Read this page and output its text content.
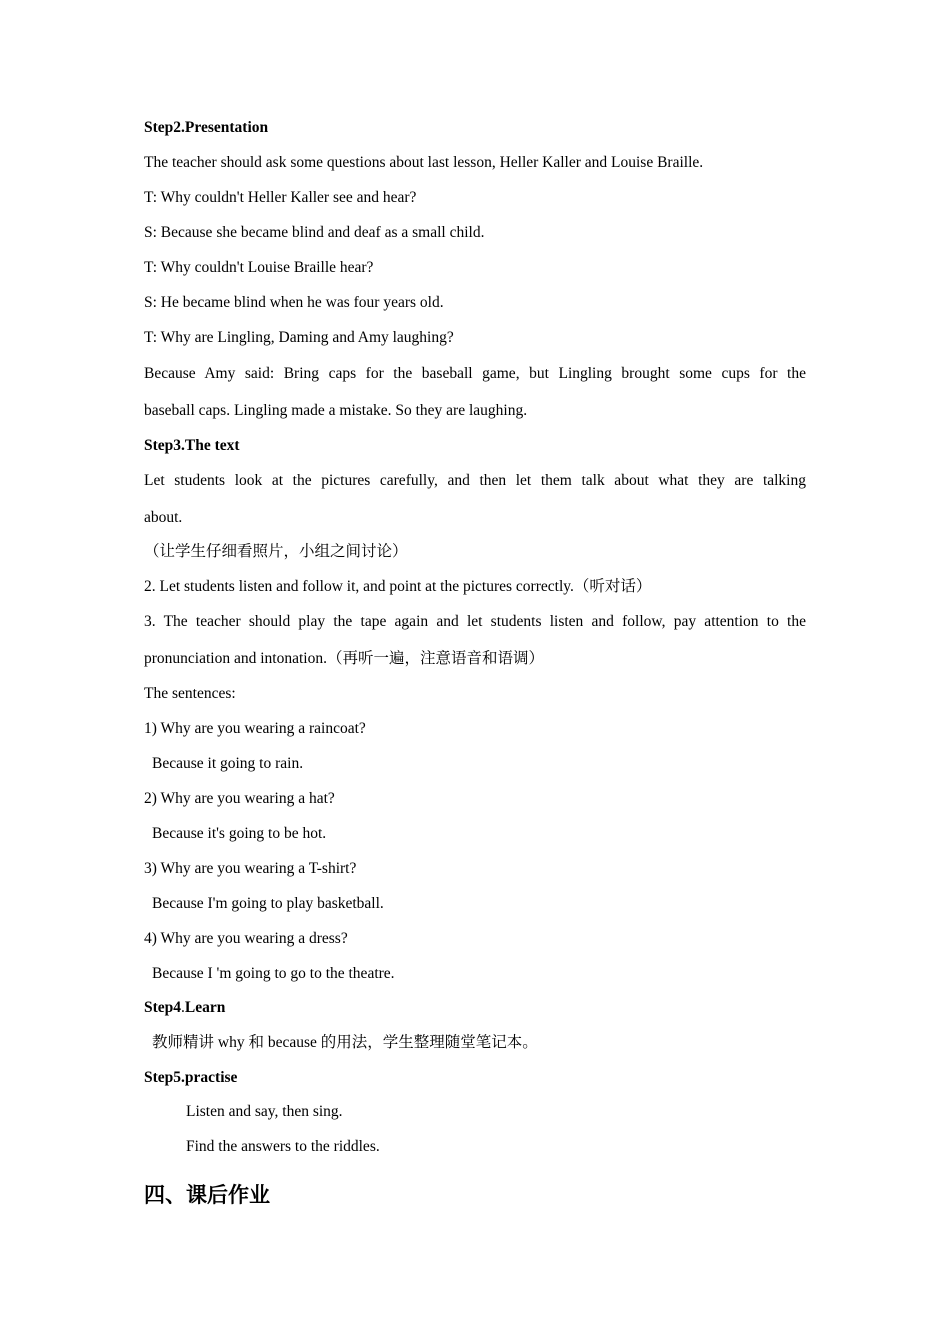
Step2.Presentation
The teacher should ask some questions about last lesson, Heller Kaller and Louise Braille.
T: Why couldn't Heller Kaller see and hear?
S: Because she became blind and deaf as a small child.
T: Why couldn't Louise Braille hear?
S: He became blind when he was four years old.
T: Why are Lingling, Daming and Amy laughing?
Because Amy said: Bring caps for the baseball game, but Lingling brought some cups for the
baseball caps. Lingling made a mistake. So they are laughing.
Step3.The text
Let students look at the pictures carefully, and then let them talk about what they are talking
about.
（让学生仔细看照片，小组之间讨论）
2. Let students listen and follow it, and point at the pictures correctly.（听对话）
3. The teacher should play the tape again and let students listen and follow, pay attention to the
pronunciation and intonation.（再听一遍，注意语音和语调）
The sentences:
1) Why are you wearing a raincoat?
Because it going to rain.
2) Why are you wearing a hat?
Because it's going to be hot.
3) Why are you wearing a T-shirt?
Because I'm going to play basketball.
4) Why are you wearing a dress?
Because I 'm going to go to the theatre.
Step4.Learn
教师精讲 why 和 because 的用法，学生整理随堂笔记本。
Step5.practise
Listen and say, then sing.
Find the answers to the riddles.
四、课后作业
